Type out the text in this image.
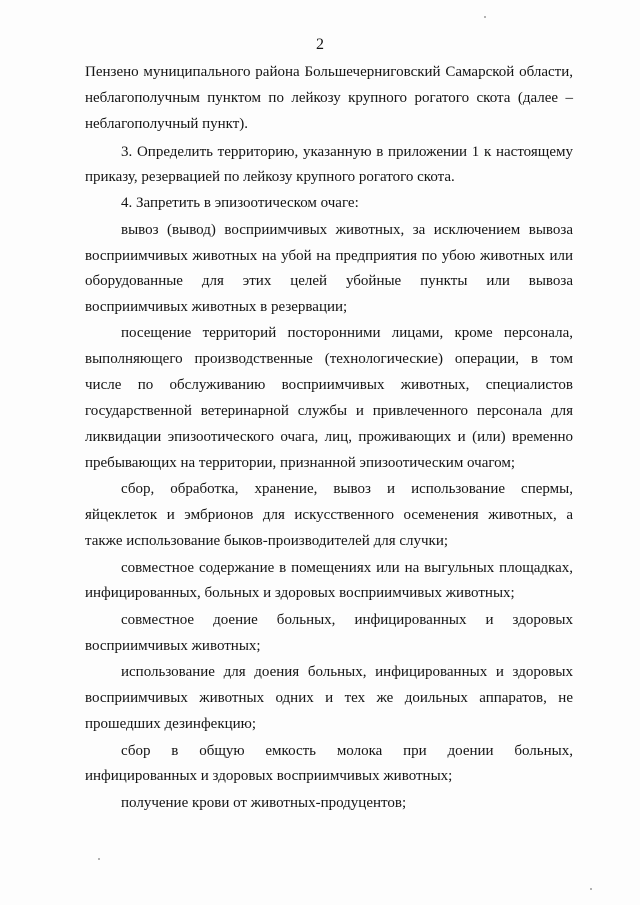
2
Пензено муниципального района Большечерниговский Самарской области,
неблагополучным пунктом по лейкозу крупного рогатого скота (далее –
неблагополучный пункт).
3. Определить территорию, указанную в приложении 1 к настоящему
приказу, резервацией по лейкозу крупного рогатого скота.
4. Запретить в эпизоотическом очаге:
вывоз (вывод) восприимчивых животных, за исключением вывоза
восприимчивых животных на убой на предприятия по убою животных или
оборудованные для этих целей убойные пункты или вывоза
восприимчивых животных в резервации;
посещение территорий посторонними лицами, кроме персонала,
выполняющего производственные (технологические) операции, в том
числе по обслуживанию восприимчивых животных, специалистов
государственной ветеринарной службы и привлеченного персонала для
ликвидации эпизоотического очага, лиц, проживающих и (или) временно
пребывающих на территории, признанной эпизоотическим очагом;
сбор, обработка, хранение, вывоз и использование спермы,
яйцеклеток и эмбрионов для искусственного осеменения животных, а
также использование быков-производителей для случки;
совместное содержание в помещениях или на выгульных площадках,
инфицированных, больных и здоровых восприимчивых животных;
совместное доение больных, инфицированных и здоровых
восприимчивых животных;
использование для доения больных, инфицированных и здоровых
восприимчивых животных одних и тех же доильных аппаратов, не
прошедших дезинфекцию;
сбор в общую емкость молока при доении больных,
инфицированных и здоровых восприимчивых животных;
получение крови от животных-продуцентов;
